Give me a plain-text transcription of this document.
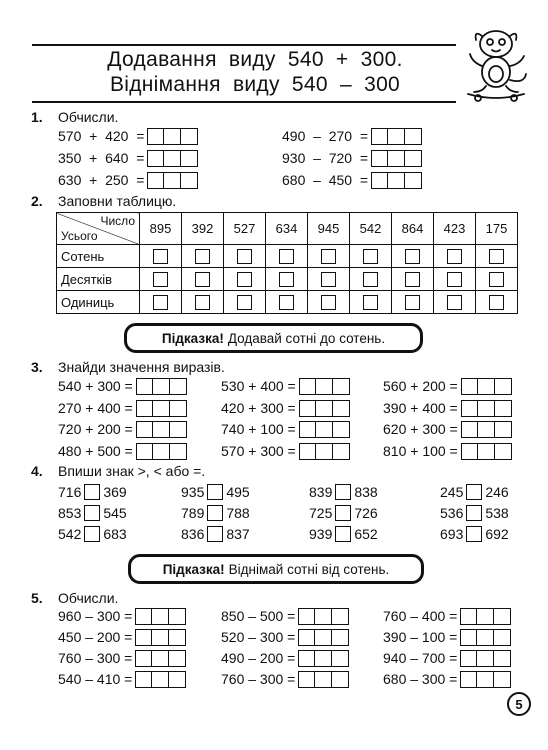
Додавання виду 540 + 300.
Віднімання виду 540 – 300
1. Обчисли.
570  +  420  =
350  +  640  =
630  +  250  =
490  –  270  =
930  –  720  =
680  –  450  =
2. Заповни таблицю.
Число
Усього	895	392	527	634	945	542	864	423	175
Сотень									
Десятків									
Одиниць									
Підказка! Додавай сотні до сотень.
3. Знайди значення виразів.
540 + 300 =
270 + 400 =
720 + 200 =
480 + 500 =
530 + 400 =
420 + 300 =
740 + 100 =
570 + 300 =
560 + 200 =
390 + 400 =
620 + 300 =
810 + 100 =
4. Впиши знак >, < або =.
716 369	935 495	839 838	245 246
853 545	789 788	725 726	536 538
542 683	836 837	939 652	693 692
Підказка! Віднімай сотні від сотень.
5. Обчисли.
960 – 300 =
450 – 200 =
760 – 300 =
540 – 410 =
850 – 500 =
520 – 300 =
490 – 200 =
760 – 300 =
760 – 400 =
390 – 100 =
940 – 700 =
680 – 300 =
5
